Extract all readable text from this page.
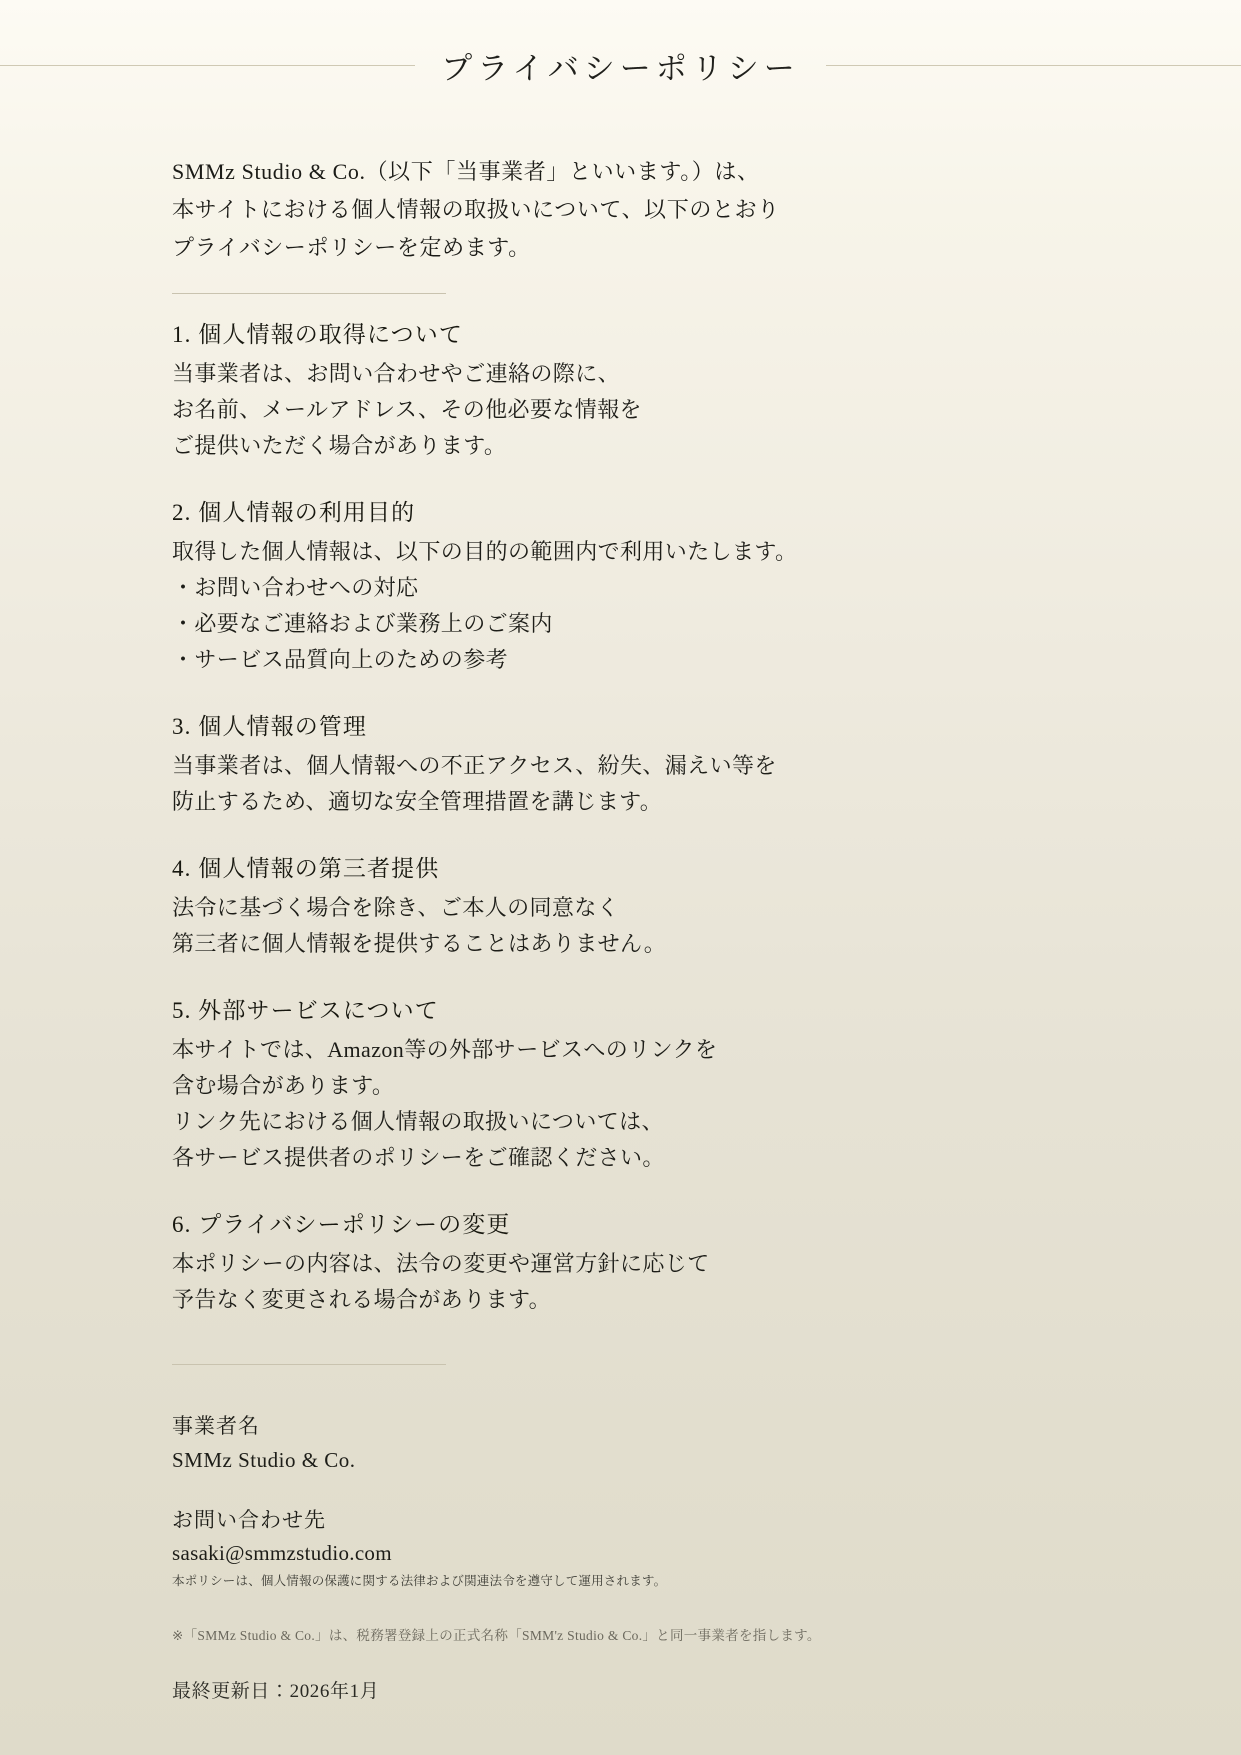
プライバシーポリシー
SMMz Studio & Co.（以下「当事業者」といいます。）は、
本サイトにおける個人情報の取扱いについて、以下のとおり
プライバシーポリシーを定めます。
1. 個人情報の取得について
当事業者は、お問い合わせやご連絡の際に、
お名前、メールアドレス、その他必要な情報を
ご提供いただく場合があります。
2. 個人情報の利用目的
取得した個人情報は、以下の目的の範囲内で利用いたします。
・お問い合わせへの対応
・必要なご連絡および業務上のご案内
・サービス品質向上のための参考
3. 個人情報の管理
当事業者は、個人情報への不正アクセス、紛失、漏えい等を
防止するため、適切な安全管理措置を講じます。
4. 個人情報の第三者提供
法令に基づく場合を除き、ご本人の同意なく
第三者に個人情報を提供することはありません。
5. 外部サービスについて
本サイトでは、Amazon等の外部サービスへのリンクを
含む場合があります。
リンク先における個人情報の取扱いについては、
各サービス提供者のポリシーをご確認ください。
6. プライバシーポリシーの変更
本ポリシーの内容は、法令の変更や運営方針に応じて
予告なく変更される場合があります。
事業者名
SMMz Studio & Co.
お問い合わせ先
sasaki@smmzstudio.com
本ポリシーは、個人情報の保護に関する法律および関連法令を遵守して運用されます。
※「SMMz Studio & Co.」は、税務署登録上の正式名称「SMM'z Studio & Co.」と同一事業者を指します。
最終更新日：2026年1月
